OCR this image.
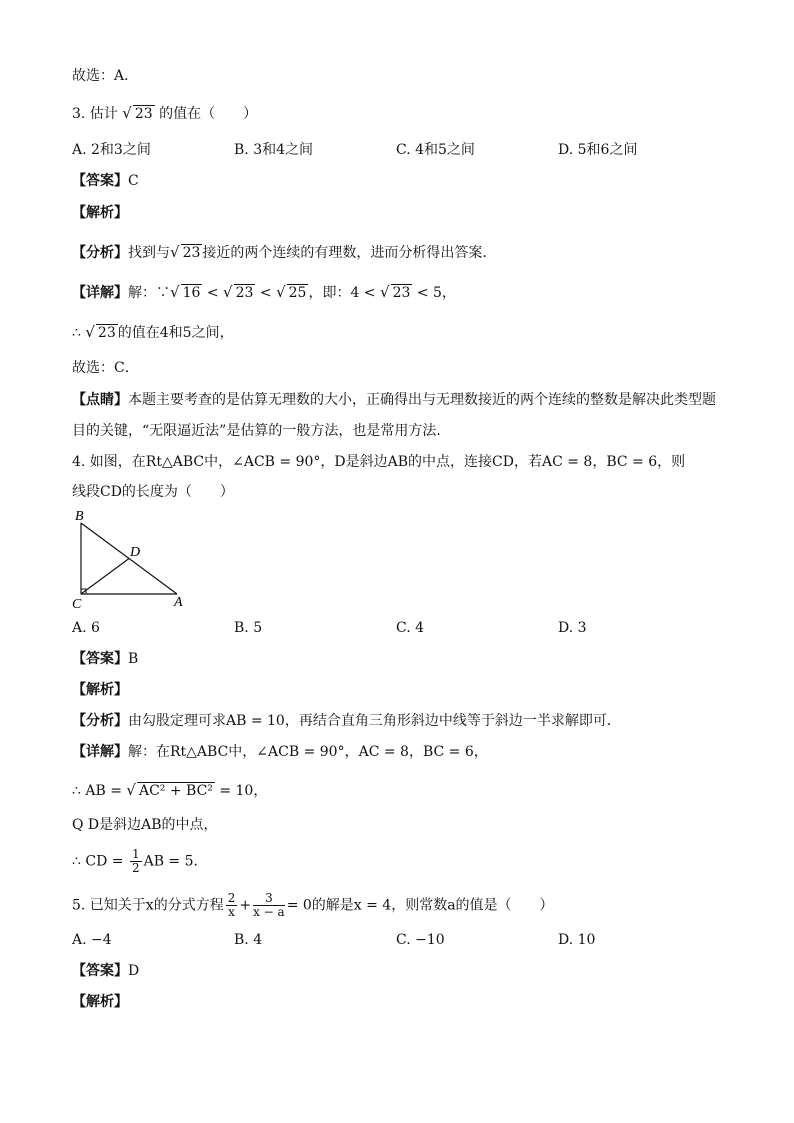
故选：A．
3. 估计 √ 23 的值在（　　）
A. 2和3之间	B. 3和4之间	C. 4和5之间	D. 5和6之间
【答案】C
【解析】
【分析】找到与√ 23 接近的两个连续的有理数，进而分析得出答案．
【详解】解：∵√ 16 < √ 23 < √ 25 ，即：4 < √ 23 < 5，
∴ √ 23 的值在4和5之间，
故选：C．
【点睛】本题主要考查的是估算无理数的大小，正确得出与无理数接近的两个连续的整数是解决此类型题
目的关键，“无限逼近法”是估算的一般方法，也是常用方法．
4. 如图，在Rt△ABC中，∠ACB = 90°，D是斜边AB的中点，连接CD，若AC = 8，BC = 6，则
线段CD的长度为（　　）
B
D
C	A
A. 6	B. 5	C. 4	D. 3
【答案】B
【解析】
【分析】由勾股定理可求AB = 10，再结合直角三角形斜边中线等于斜边一半求解即可．
【详解】解：在Rt△ABC中，∠ACB = 90°，AC = 8，BC = 6，
∴ AB = √ AC² + BC² = 10，
Q D是斜边AB的中点，
∴ CD = $\frac{1}{2}$ AB = 5．
5. 已知关于x的分式方程 $\frac{2}{x} + \frac{3}{x - a} = 0$的解是x = 4，则常数a的值是（　　）
A. −4	B. 4	C. −10	D. 10
【答案】D
【解析】
